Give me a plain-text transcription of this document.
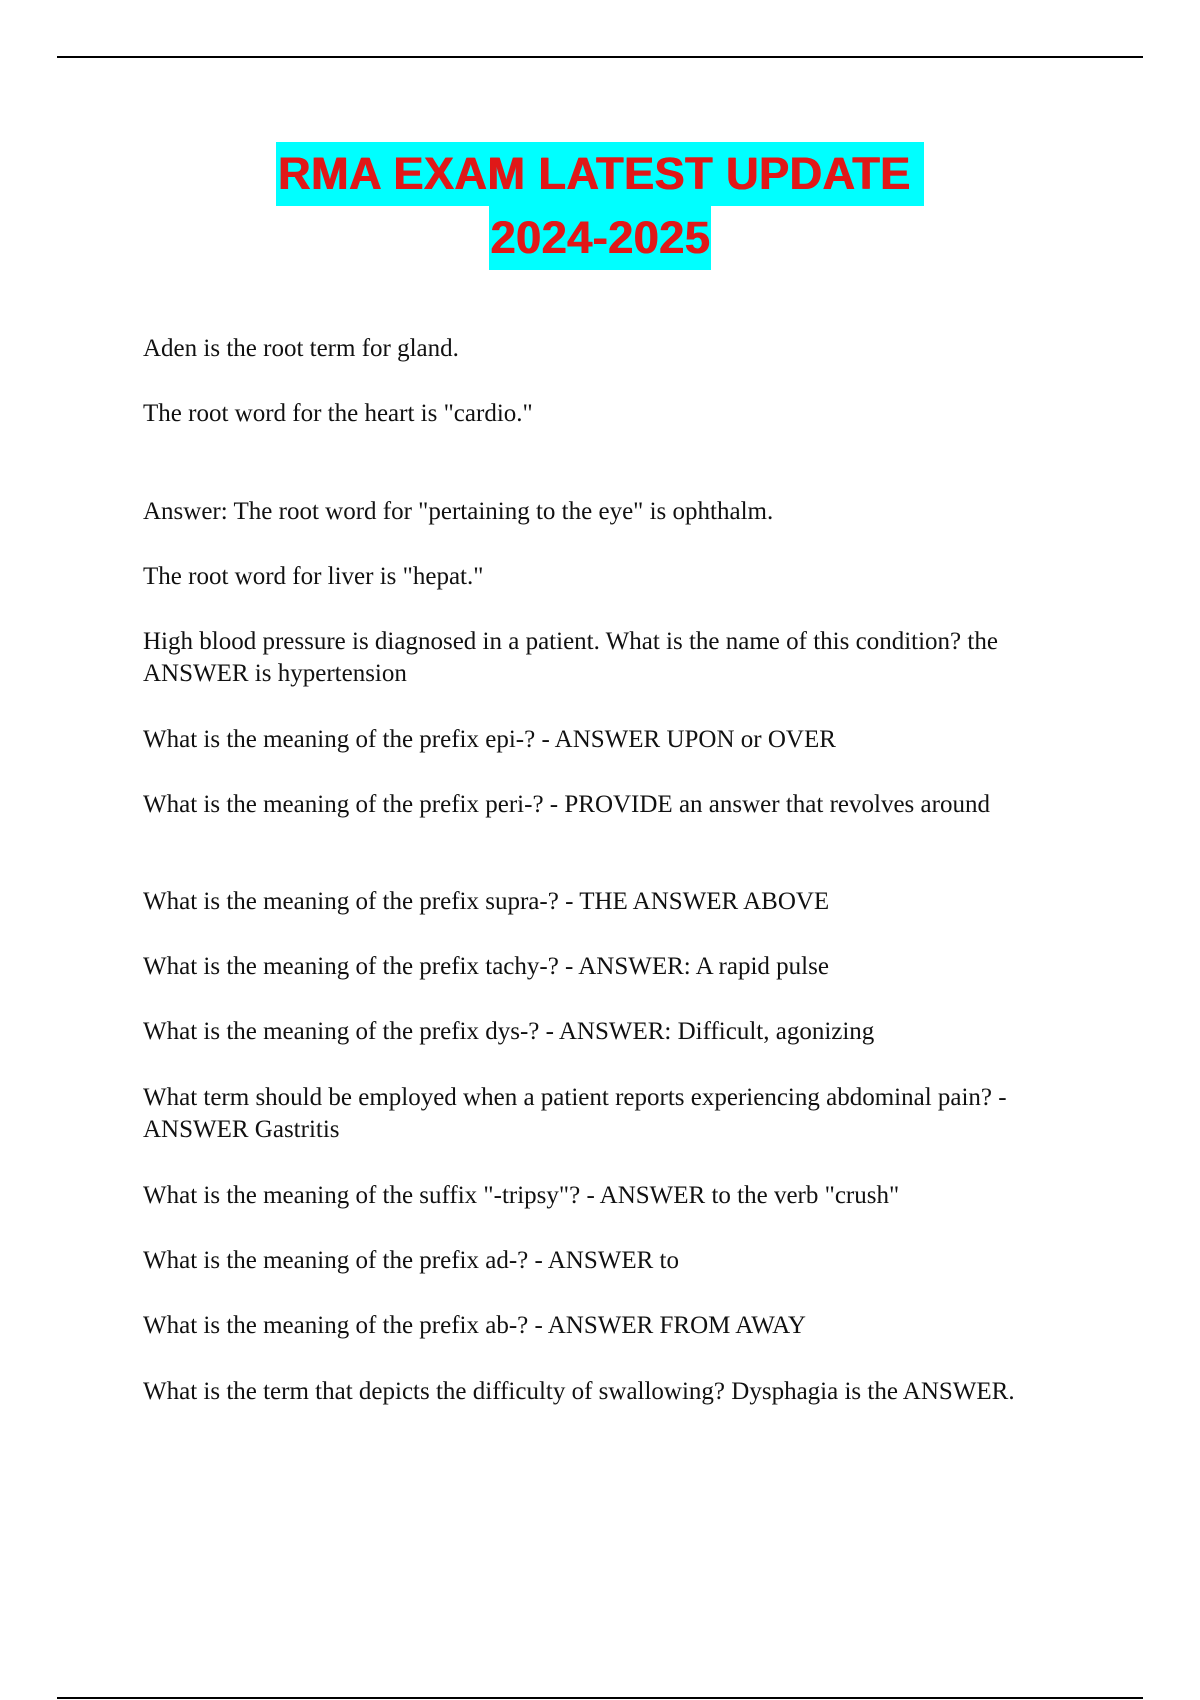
RMA EXAM LATEST UPDATE
2024-2025

Aden is the root term for gland.

The root word for the heart is "cardio."

Answer: The root word for "pertaining to the eye" is ophthalm.

The root word for liver is "hepat."

High blood pressure is diagnosed in a patient. What is the name of this condition? the ANSWER is hypertension

What is the meaning of the prefix epi-? - ANSWER UPON or OVER

What is the meaning of the prefix peri-? - PROVIDE an answer that revolves around

What is the meaning of the prefix supra-? - THE ANSWER ABOVE

What is the meaning of the prefix tachy-? - ANSWER: A rapid pulse

What is the meaning of the prefix dys-? - ANSWER: Difficult, agonizing

What term should be employed when a patient reports experiencing abdominal pain? - ANSWER Gastritis

What is the meaning of the suffix "-tripsy"? - ANSWER to the verb "crush"

What is the meaning of the prefix ad-? - ANSWER to

What is the meaning of the prefix ab-? - ANSWER FROM AWAY

What is the term that depicts the difficulty of swallowing? Dysphagia is the ANSWER.
